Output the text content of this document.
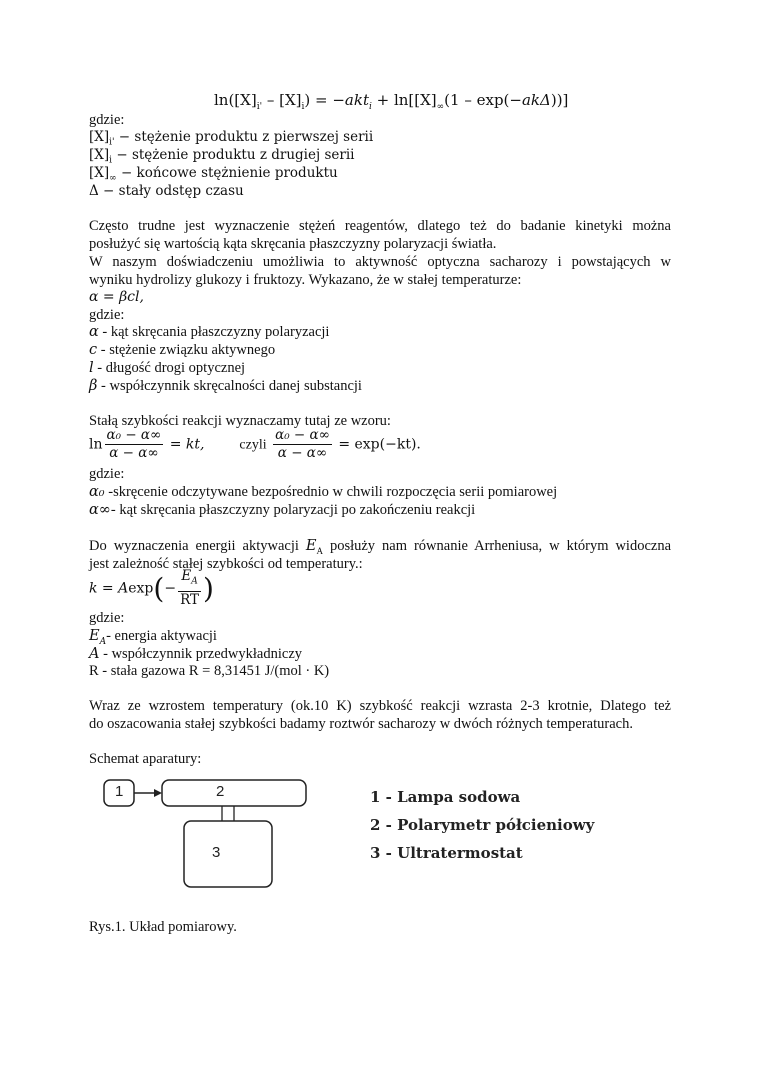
$\ln([X]_{i'} - [X]_i) = -akt_i + \ln[[X]_\infty(1 - \exp(-ak\Delta))]$
gdzie:
$[X]_{i'}$ − stężenie produktu z pierwszej serii
$[X]_i$ − stężenie produktu z drugiej serii
$[X]_\infty$ − końcowe stężnienie produktu
Δ − stały odstęp czasu
Często trudne jest wyznaczenie stężeń reagentów, dlatego też do badanie kinetyki można
posłużyć się wartością kąta skręcania płaszczyzny polaryzacji światła.
W naszym doświadczeniu umożliwia to aktywność optyczna sacharozy i powstających w
wyniku hydrolizy glukozy i fruktozy. Wykazano, że w stałej temperaturze:
α = βcl,
gdzie:
α - kąt skręcania płaszczyzny polaryzacji
c - stężenie związku aktywnego
l - długość drogi optycznej
β - współczynnik skręcalności danej substancji
Stałą szybkości reakcji wyznaczamy tutaj ze wzoru:
$\ln \frac{\text{α₀ − α∞}}{\alpha - \alpha\infty}$ = kt, czyli $\frac{\text{α₀ − α∞}}{\alpha - \alpha\infty} = \exp(-kt)$.
gdzie:
α₀ -skręcenie odczytywane bezpośrednio w chwili rozpoczęcia serii pomiarowej
α∞- kąt skręcania płaszczyzny polaryzacji po zakończeniu reakcji
Do wyznaczenia energii aktywacji $E_A$ posłuży nam równanie Arrheniusa, w którym widoczna
jest zależność stałej szybkości od temperatury.:
$k = Aexp(- \frac{E_A}{RT}$ )
gdzie:
$E_A-$ energia aktywacji
A - współczynnik przedwykładniczy
R - stała gazowa R = 8,31451 J/(mol · K)
Wraz ze wzrostem temperatury (ok.10 K) szybkość reakcji wzrasta 2-3 krotnie, Dlatego też
do oszacowania stałej szybkości badamy roztwór sacharozy w dwóch różnych temperaturach.
Schemat aparatury:
Rys.1. Układ pomiarowy.
1	2
3
1 - Lampa sodowa
2 - Polarymetr półcieniowy
3 - Ultratermostat
